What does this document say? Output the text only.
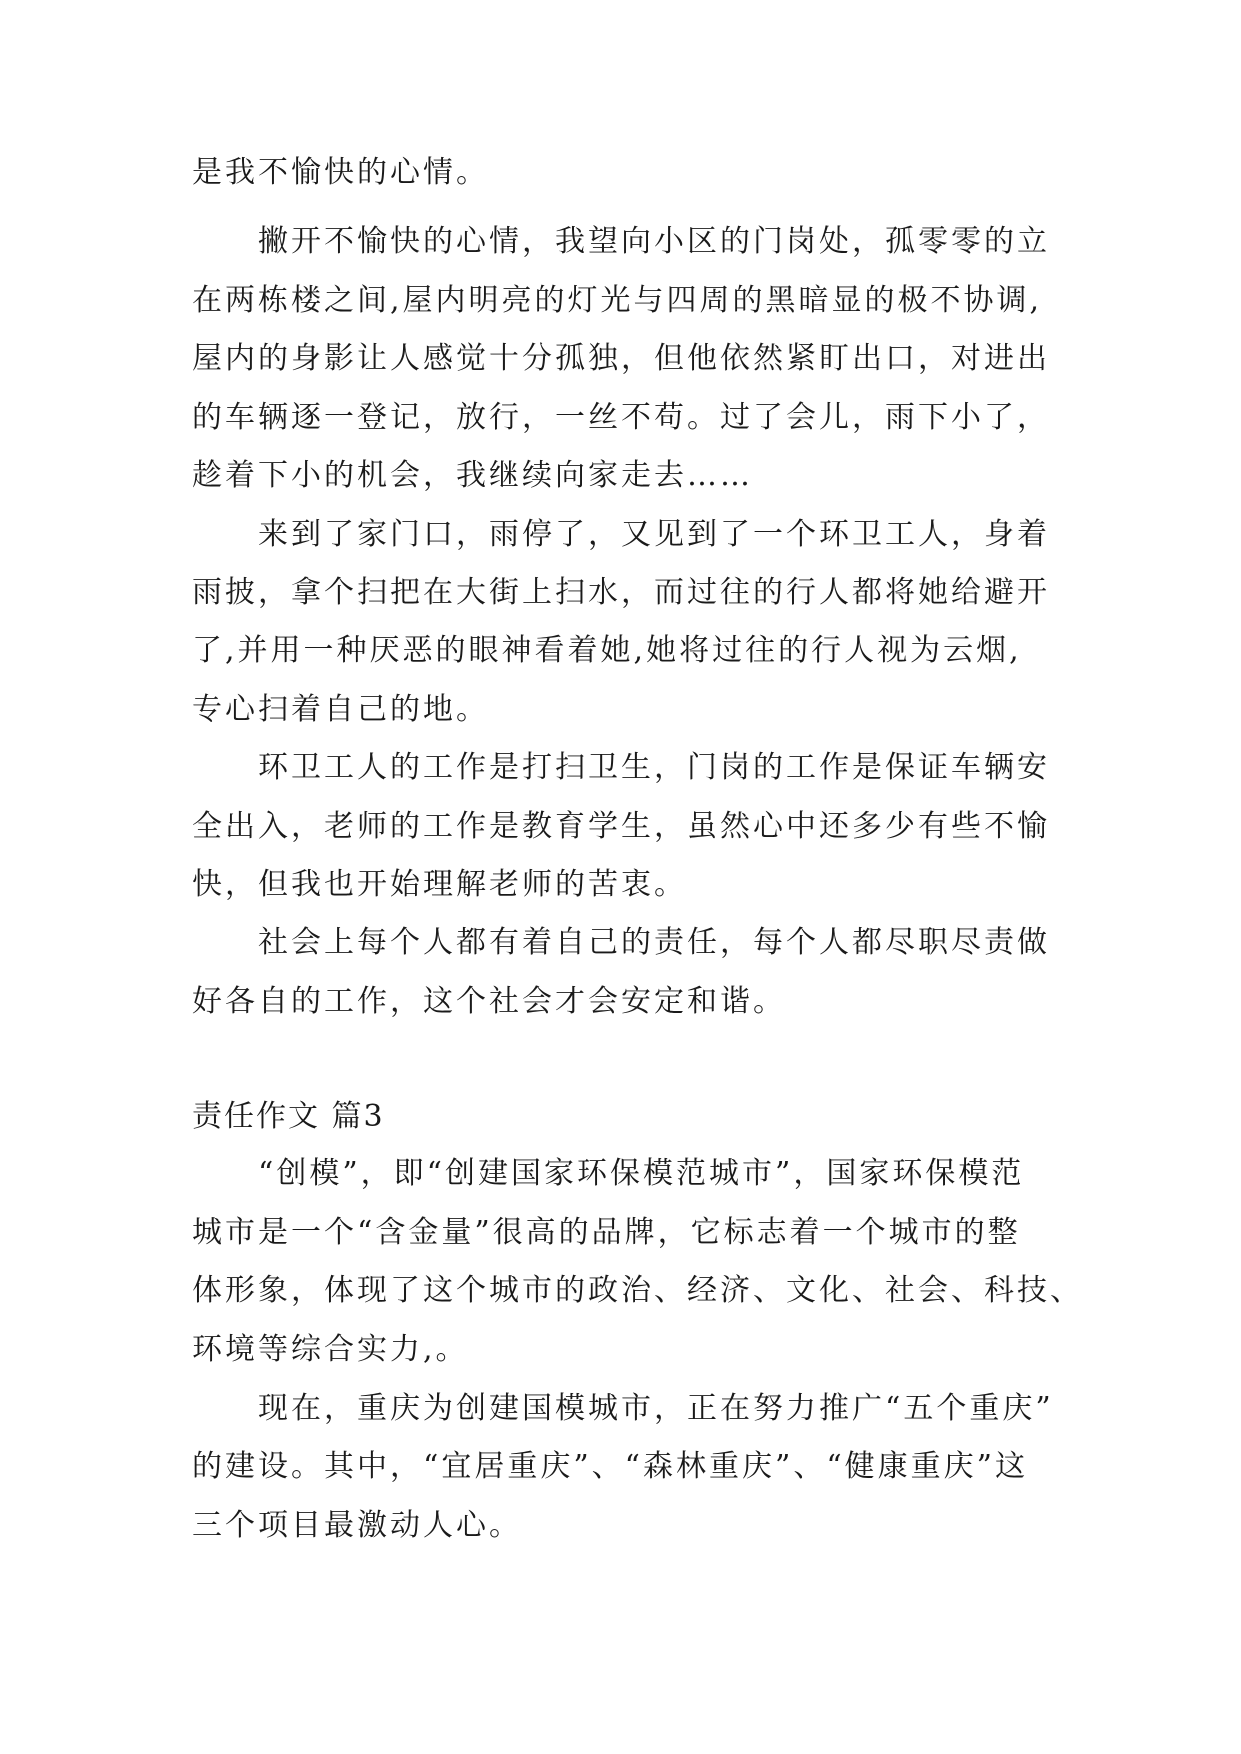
是我不愉快的心情。
撇开不愉快的心情，我望向小区的门岗处，孤零零的立
在两栋楼之间,屋内明亮的灯光与四周的黑暗显的极不协调,
屋内的身影让人感觉十分孤独，但他依然紧盯出口，对进出
的车辆逐一登记，放行，一丝不苟。过了会儿，雨下小了，
趁着下小的机会，我继续向家走去……
来到了家门口，雨停了，又见到了一个环卫工人，身着
雨披，拿个扫把在大街上扫水，而过往的行人都将她给避开
了,并用一种厌恶的眼神看着她,她将过往的行人视为云烟,
专心扫着自己的地。
环卫工人的工作是打扫卫生，门岗的工作是保证车辆安
全出入，老师的工作是教育学生，虽然心中还多少有些不愉
快，但我也开始理解老师的苦衷。
社会上每个人都有着自己的责任，每个人都尽职尽责做
好各自的工作，这个社会才会安定和谐。
责任作文 篇3
“创模”，即“创建国家环保模范城市”，国家环保模范
城市是一个“含金量”很高的品牌，它标志着一个城市的整
体形象，体现了这个城市的政治、经济、文化、社会、科技、
环境等综合实力,。
现在，重庆为创建国模城市，正在努力推广“五个重庆”
的建设。其中，“宜居重庆”、“森林重庆”、“健康重庆”这
三个项目最激动人心。
